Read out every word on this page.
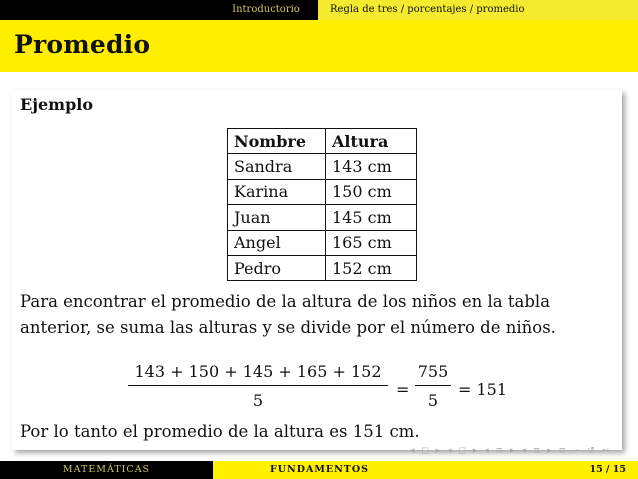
Introductorio	Regla de tres / porcentajes / promedio
Promedio
Ejemplo
Nombre	Altura
Sandra	143 cm
Karina	150 cm
Juan	145 cm
Angel	165 cm
Pedro	152 cm

Para encontrar el promedio de la altura de los niños en la tabla

anterior, se suma las alturas y se divide por el número de niños.

143 + 150 + 145 + 165 + 152
5
=
755
5
= 151

Por lo tanto el promedio de la altura es 151 cm.

◂ ◻ ▸ ◂ ◻ ▸ ◂ ≡ ▸ ◂ ≡ ▸ ≡ ∽ ↺ ∾
MATEMÁTICAS	FUNDAMENTOS	15 / 15
